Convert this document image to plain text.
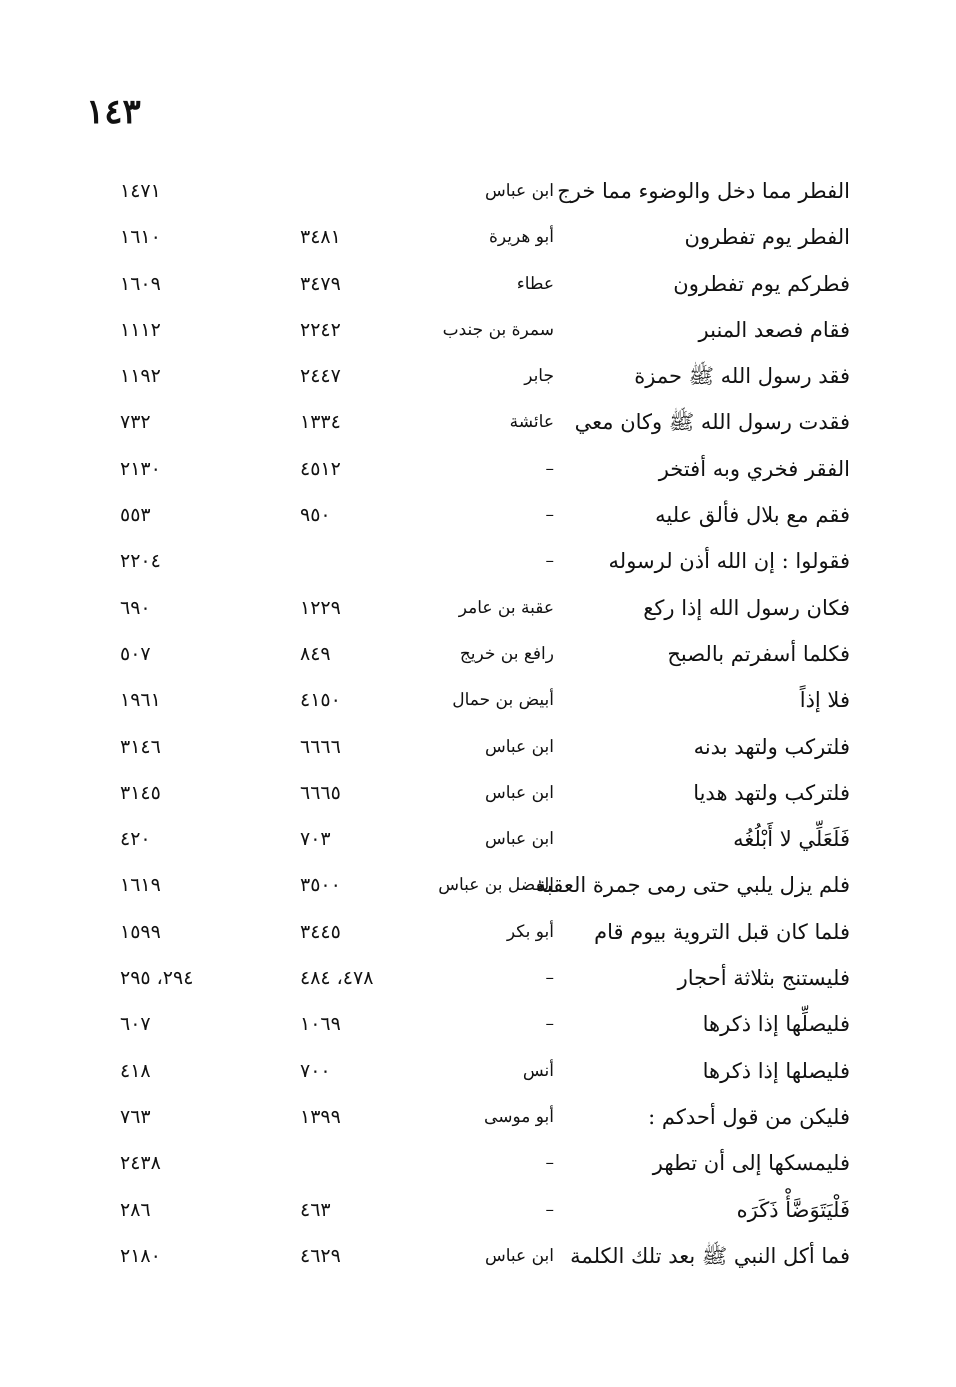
١٤٣
الفطر مما دخل والوضوء مما خرج
ابن عباس
١٤٧١
الفطر يوم تفطرون
أبو هريرة
٣٤٨١
١٦١٠
فطركم يوم تفطرون
عطاء
٣٤٧٩
١٦٠٩
فقام فصعد المنبر
سمرة بن جندب
٢٢٤٢
١١١٢
فقد رسول الله ﷺ حمزة
جابر
٢٤٤٧
١١٩٢
فقدت رسول الله ﷺ وكان معي
عائشة
١٣٣٤
٧٣٢
الفقر فخري وبه أفتخر
–
٤٥١٢
٢١٣٠
فقم مع بلال فألق عليه
–
٩٥٠
٥٥٣
فقولوا : إن الله أذن لرسوله
–
٢٢٠٤
فكان رسول الله إذا ركع
عقبة بن عامر
١٢٢٩
٦٩٠
فكلما أسفرتم بالصبح
رافع بن خريج
٨٤٩
٥٠٧
فلا إذاً
أبيض بن حمال
٤١٥٠
١٩٦١
فلتركب ولتهد بدنه
ابن عباس
٦٦٦٦
٣١٤٦
فلتركب ولتهد هديا
ابن عباس
٦٦٦٥
٣١٤٥
فَلَعَلِّي لا أَبْلُغُه
ابن عباس
٧٠٣
٤٢٠
فلم يزل يلبي حتى رمى جمرة العقبة
الفضل بن عباس
٣٥٠٠
١٦١٩
فلما كان قبل التروية بيوم قام
أبو بكر
٣٤٤٥
١٥٩٩
فليستنج بثلاثة أحجار
–
٤٧٨، ٤٨٤
٢٩٤، ٢٩٥
فليصلِّها إذا ذكرها
–
١٠٦٩
٦٠٧
فليصلها إذا ذكرها
أنس
٧٠٠
٤١٨
فليكن من قول أحدكم :
أبو موسى
١٣٩٩
٧٦٣
فليمسكها إلى أن تطهر
–
٢٤٣٨
فَلْيَتَوَضَّأْ ذَكَرَه
–
٤٦٣
٢٨٦
فما أكل النبي ﷺ بعد تلك الكلمة
ابن عباس
٤٦٢٩
٢١٨٠
